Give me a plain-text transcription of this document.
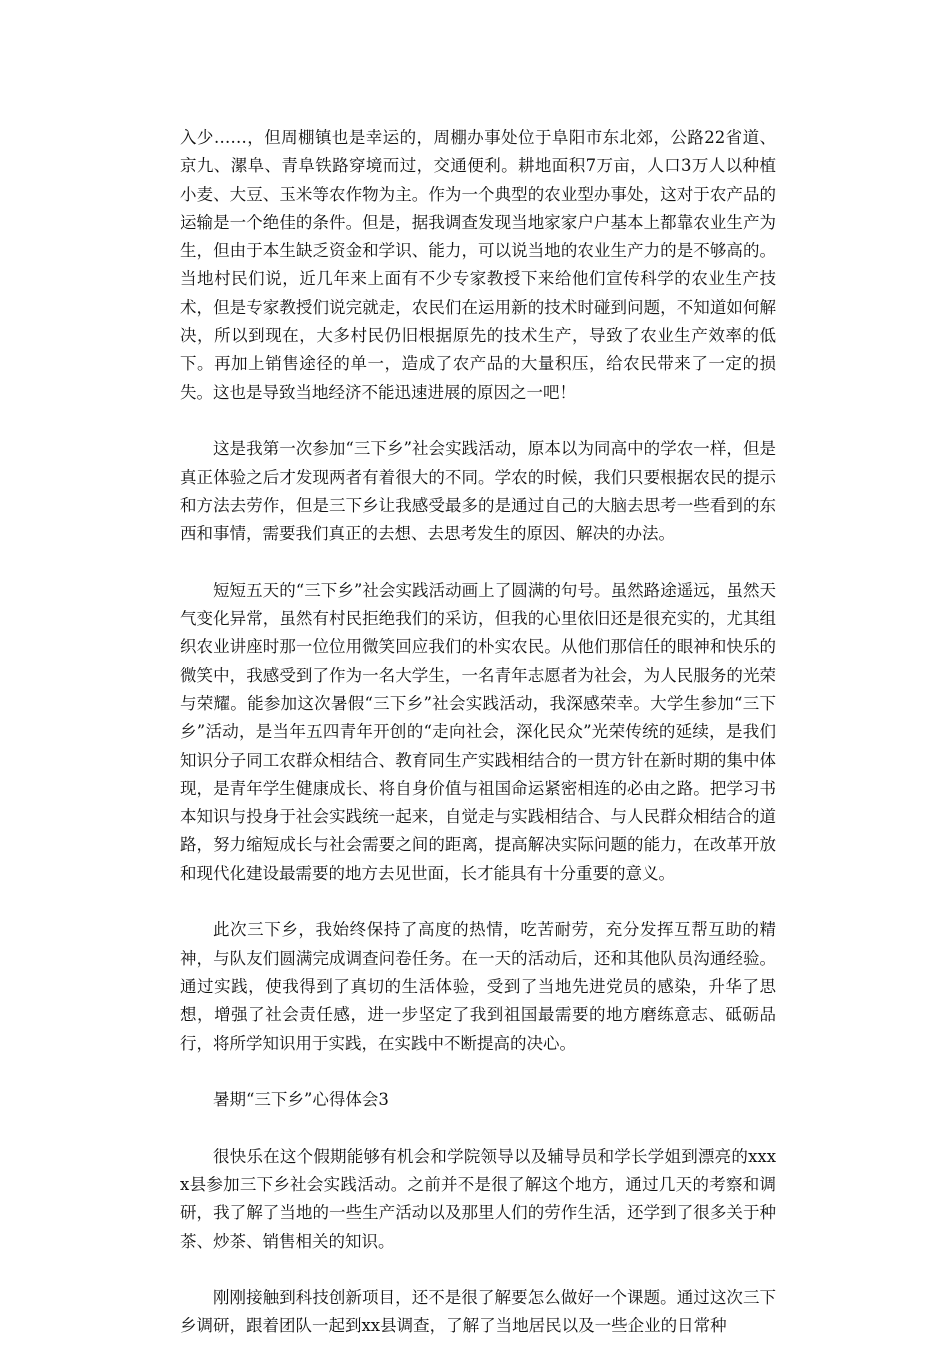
入少……，但周棚镇也是幸运的，周棚办事处位于阜阳市东北郊，公路22省道、京九、漯阜、青阜铁路穿境而过，交通便利。耕地面积7万亩，人口3万人以种植小麦、大豆、玉米等农作物为主。作为一个典型的农业型办事处，这对于农产品的运输是一个绝佳的条件。但是，据我调查发现当地家家户户基本上都靠农业生产为生，但由于本生缺乏资金和学识、能力，可以说当地的农业生产力的是不够高的。当地村民们说，近几年来上面有不少专家教授下来给他们宣传科学的农业生产技术，但是专家教授们说完就走，农民们在运用新的技术时碰到问题，不知道如何解决，所以到现在，大多村民仍旧根据原先的技术生产，导致了农业生产效率的低下。再加上销售途径的单一，造成了农产品的大量积压，给农民带来了一定的损失。这也是导致当地经济不能迅速进展的原因之一吧！

这是我第一次参加“三下乡”社会实践活动，原本以为同高中的学农一样，但是真正体验之后才发现两者有着很大的不同。学农的时候，我们只要根据农民的提示和方法去劳作，但是三下乡让我感受最多的是通过自己的大脑去思考一些看到的东西和事情，需要我们真正的去想、去思考发生的原因、解决的办法。

短短五天的“三下乡”社会实践活动画上了圆满的句号。虽然路途遥远，虽然天气变化异常，虽然有村民拒绝我们的采访，但我的心里依旧还是很充实的，尤其组织农业讲座时那一位位用微笑回应我们的朴实农民。从他们那信任的眼神和快乐的微笑中，我感受到了作为一名大学生，一名青年志愿者为社会，为人民服务的光荣与荣耀。能参加这次暑假“三下乡”社会实践活动，我深感荣幸。大学生参加“三下乡”活动，是当年五四青年开创的“走向社会，深化民众”光荣传统的延续，是我们知识分子同工农群众相结合、教育同生产实践相结合的一贯方针在新时期的集中体现，是青年学生健康成长、将自身价值与祖国命运紧密相连的必由之路。把学习书本知识与投身于社会实践统一起来，自觉走与实践相结合、与人民群众相结合的道路，努力缩短成长与社会需要之间的距离，提高解决实际问题的能力，在改革开放和现代化建设最需要的地方去见世面，长才能具有十分重要的意义。

此次三下乡，我始终保持了高度的热情，吃苦耐劳，充分发挥互帮互助的精神，与队友们圆满完成调查问卷任务。在一天的活动后，还和其他队员沟通经验。通过实践，使我得到了真切的生活体验，受到了当地先进党员的感染，升华了思想，增强了社会责任感，进一步坚定了我到祖国最需要的地方磨练意志、砥砺品行，将所学知识用于实践，在实践中不断提高的决心。

暑期“三下乡”心得体会3

很快乐在这个假期能够有机会和学院领导以及辅导员和学长学姐到漂亮的xxxx县参加三下乡社会实践活动。之前并不是很了解这个地方，通过几天的考察和调研，我了解了当地的一些生产活动以及那里人们的劳作生活，还学到了很多关于种茶、炒茶、销售相关的知识。

刚刚接触到科技创新项目，还不是很了解要怎么做好一个课题。通过这次三下乡调研，跟着团队一起到xx县调查，了解了当地居民以及一些企业的日常种
